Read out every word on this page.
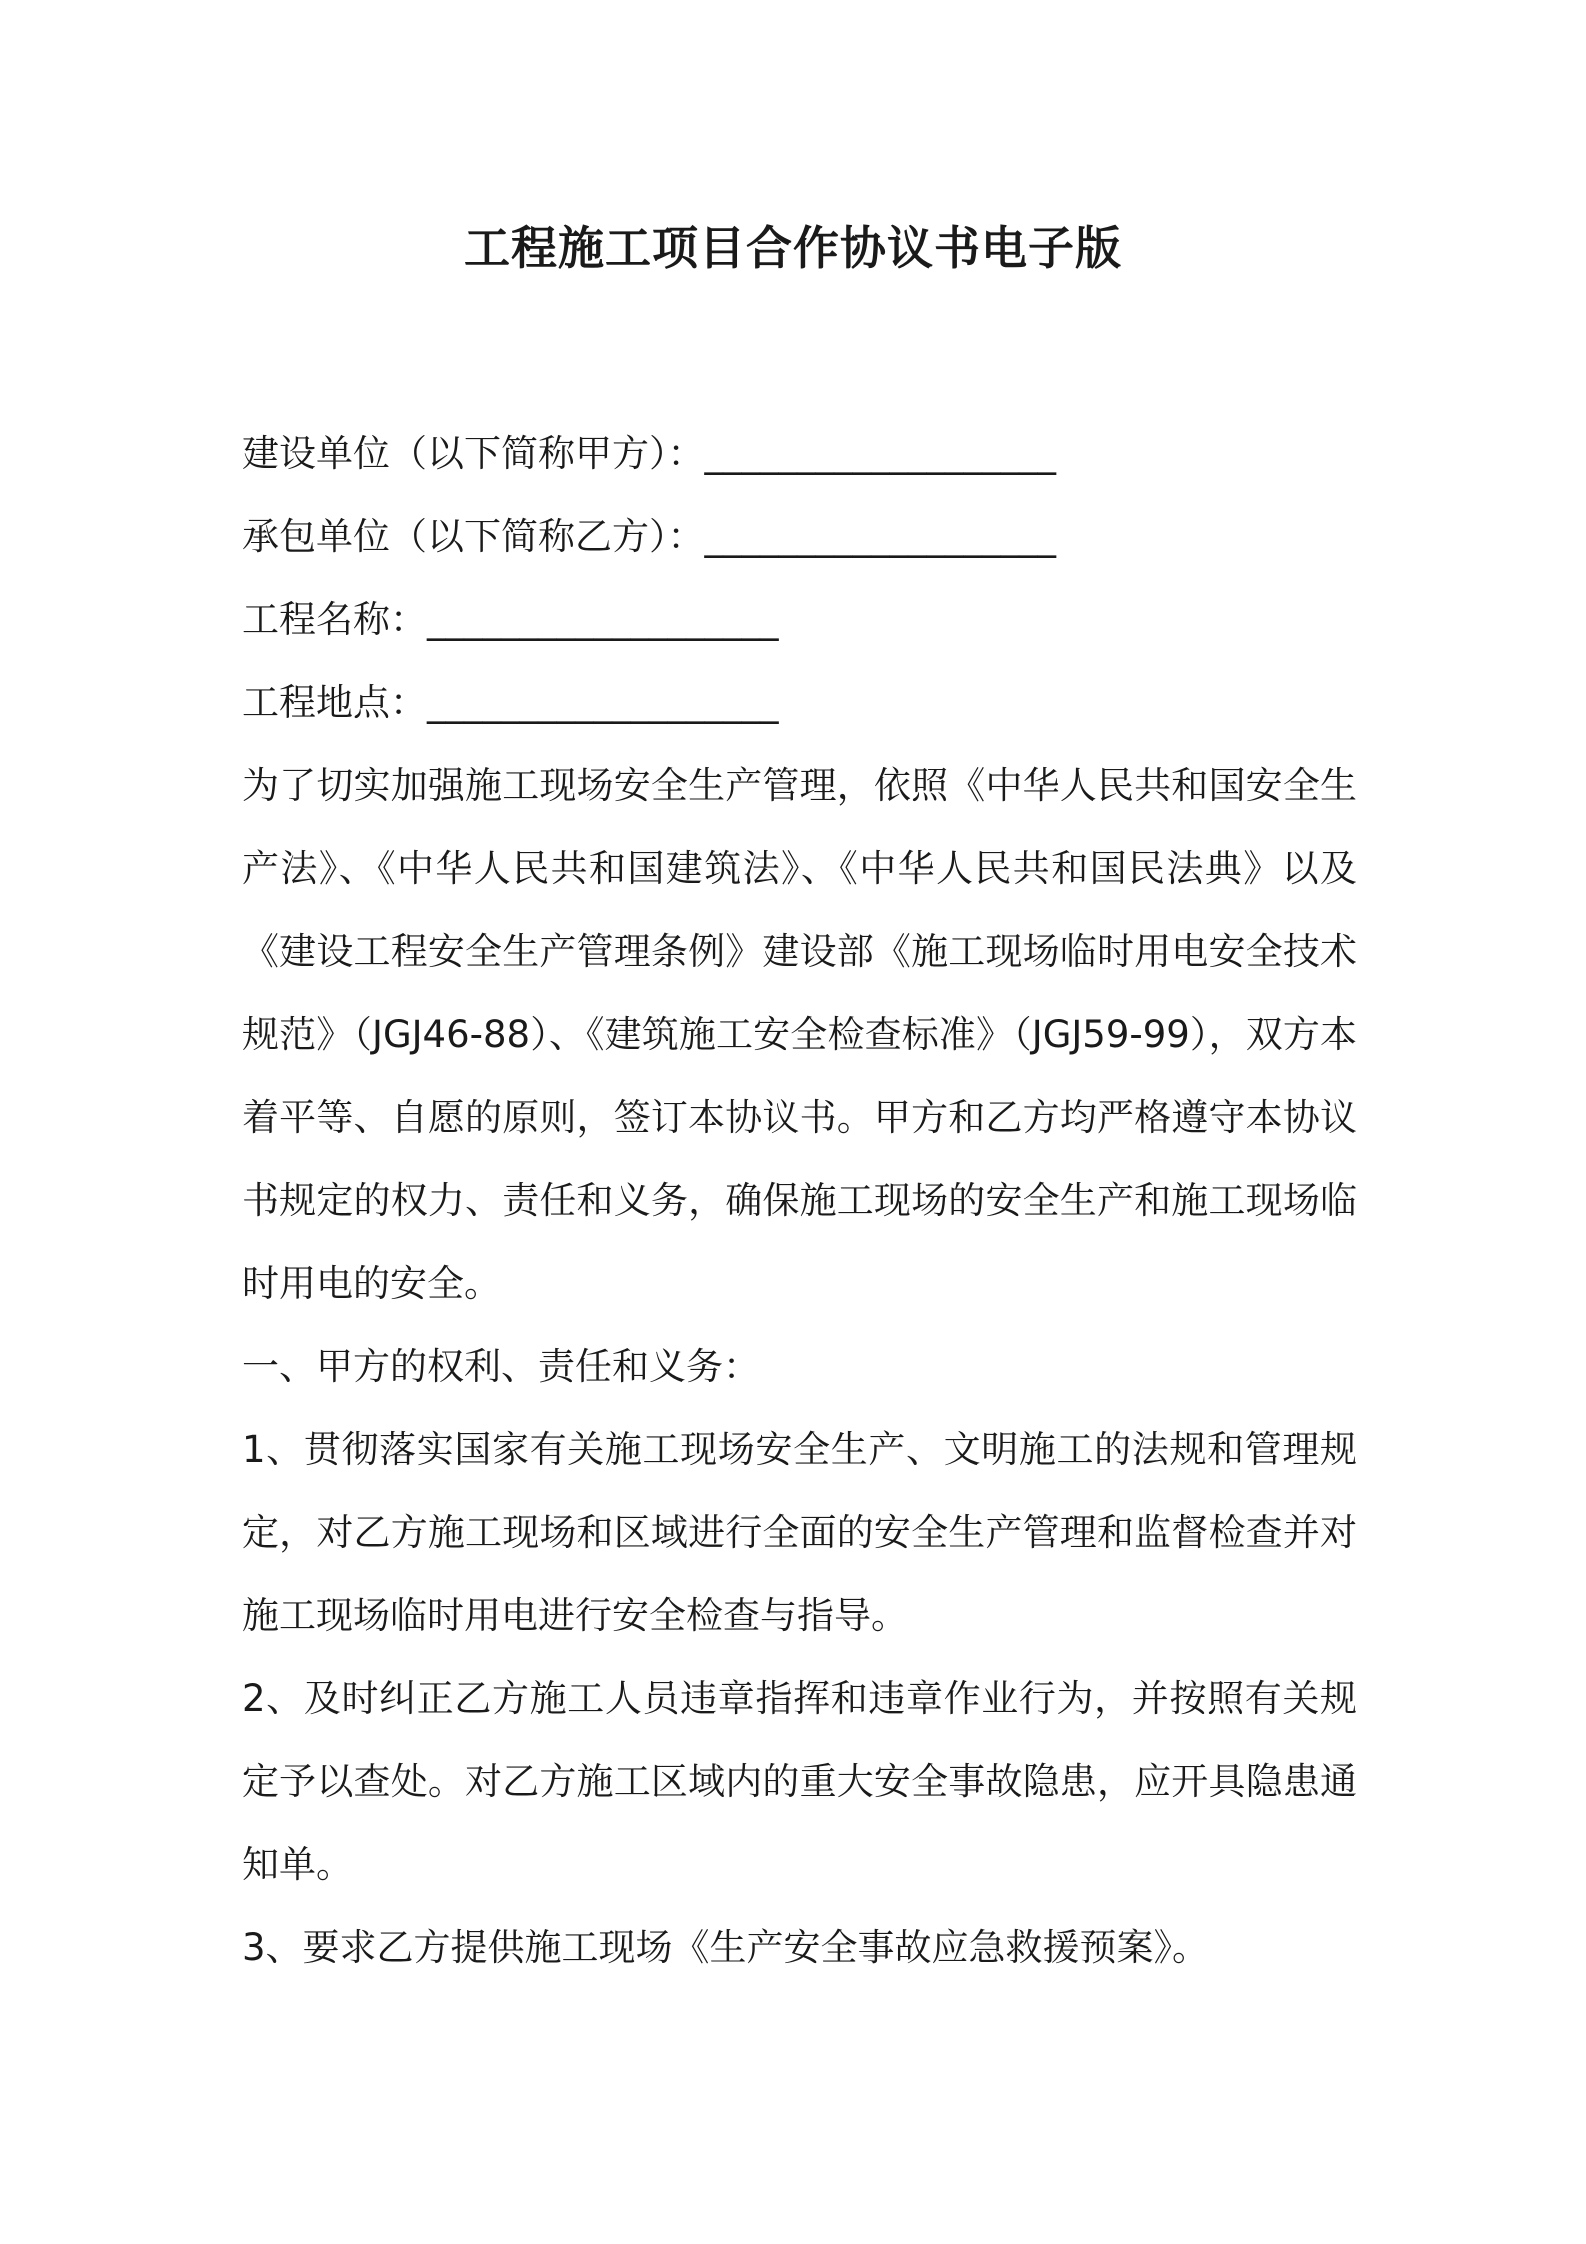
工程施工项目合作协议书电子版
建设单位（以下简称甲方）：___________________
承包单位（以下简称乙方）：___________________
工程名称：___________________
工程地点：___________________

为了切实加强施工现场安全生产管理，依照《中华人民共和国安全生产法》、《中华人民共和国建筑法》、《中华人民共和国民法典》以及《建设工程安全生产管理条例》建设部《施工现场临时用电安全技术规范》（JGJ46-88）、《建筑施工安全检查标准》（JGJ59-99），双方本着平等、自愿的原则，签订本协议书。甲方和乙方均严格遵守本协议书规定的权力、责任和义务，确保施工现场的安全生产和施工现场临时用电的安全。

一、甲方的权利、责任和义务：

1、贯彻落实国家有关施工现场安全生产、文明施工的法规和管理规定，对乙方施工现场和区域进行全面的安全生产管理和监督检查并对施工现场临时用电进行安全检查与指导。

2、及时纠正乙方施工人员违章指挥和违章作业行为，并按照有关规定予以查处。对乙方施工区域内的重大安全事故隐患，应开具隐患通知单。

3、要求乙方提供施工现场《生产安全事故应急救援预案》。
